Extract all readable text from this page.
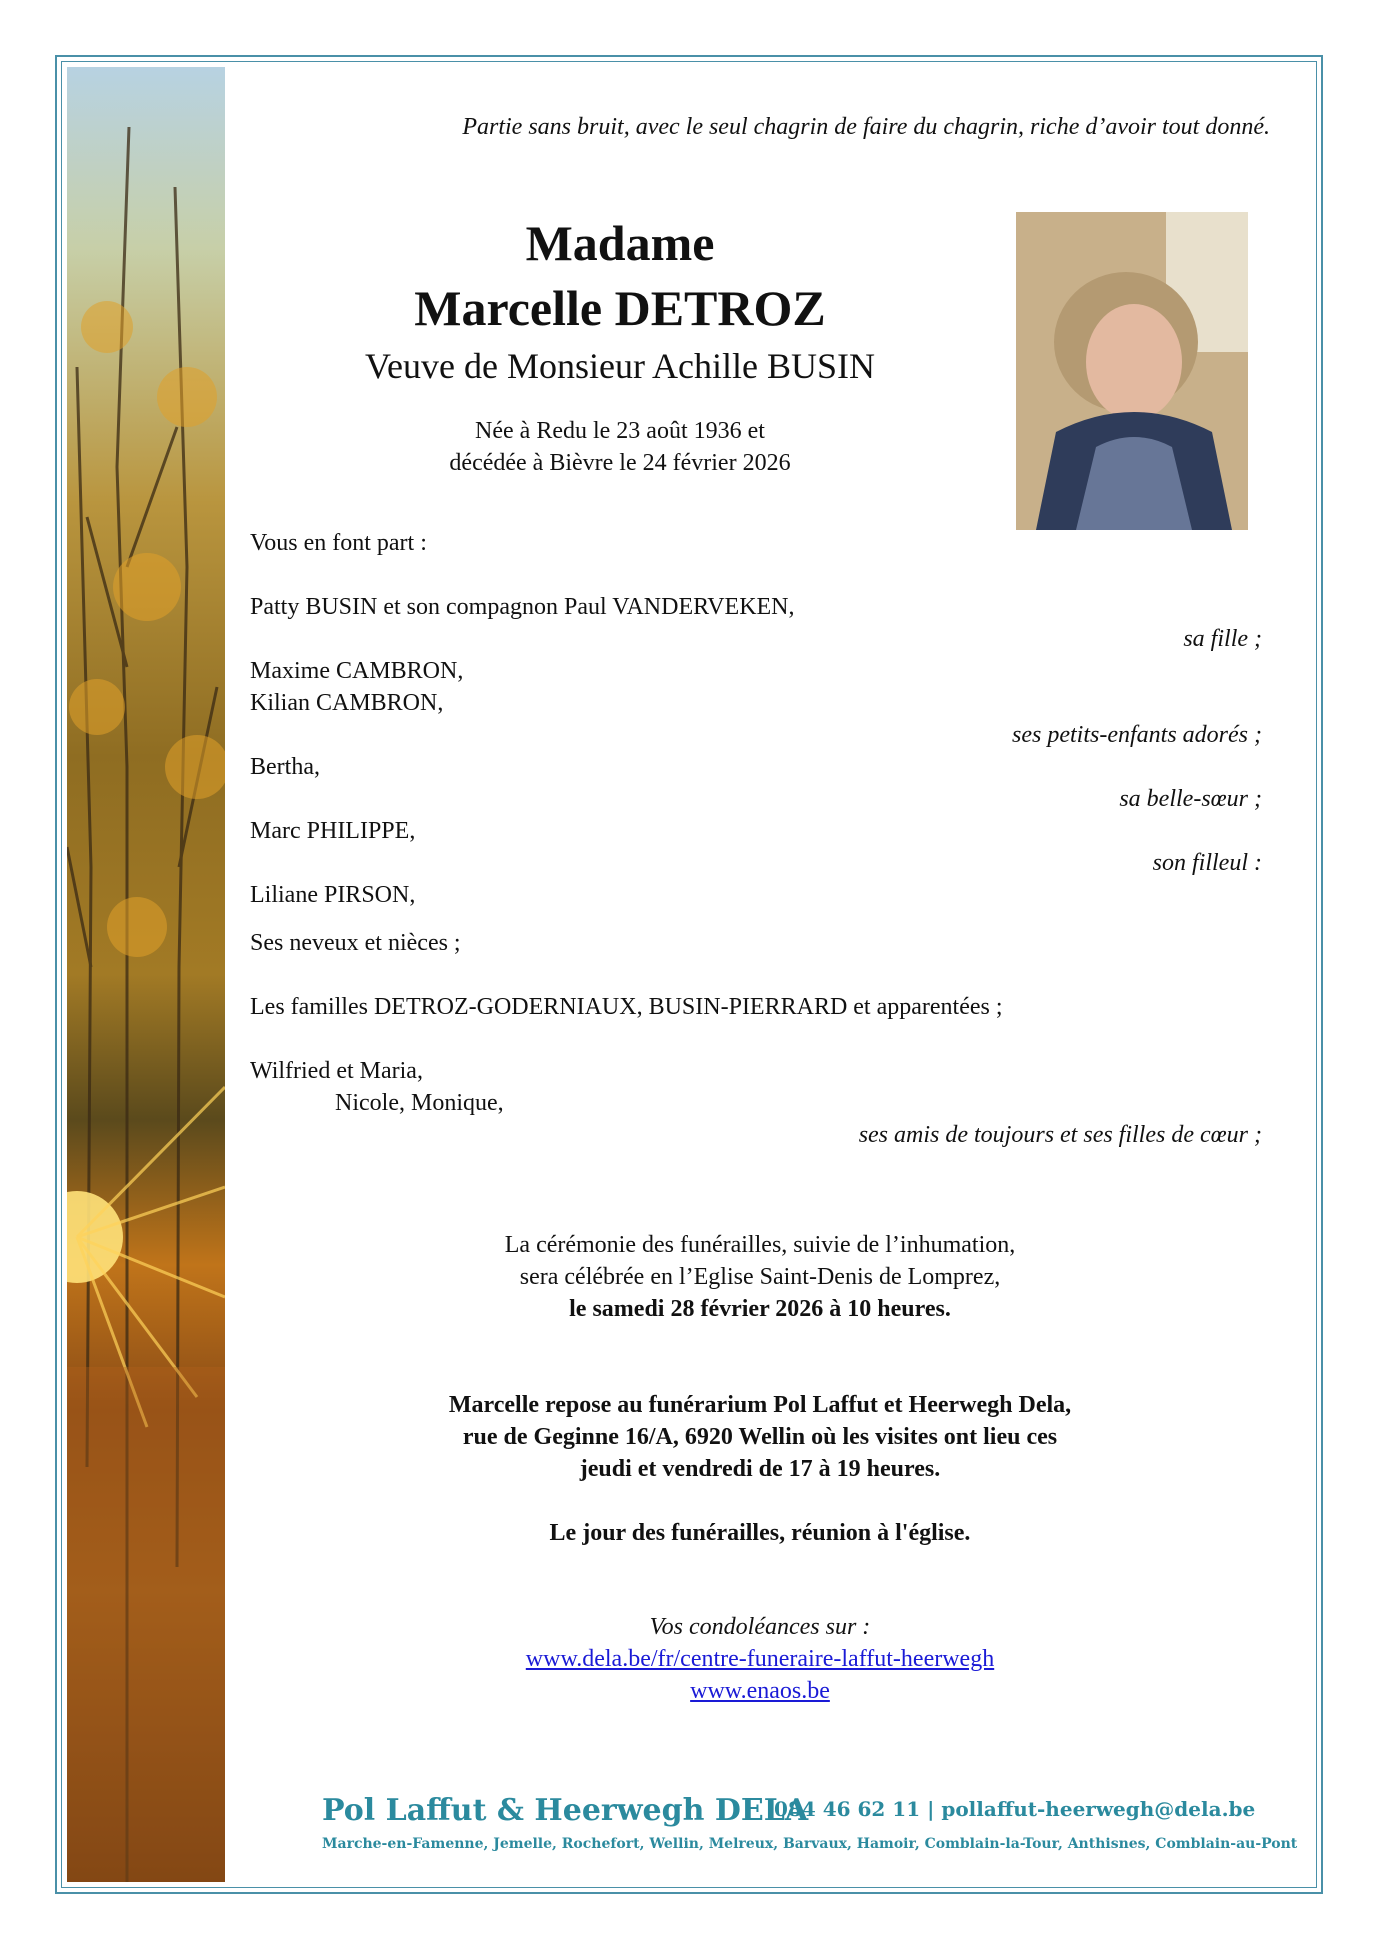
Partie sans bruit, avec le seul chagrin de faire du chagrin, riche d’avoir tout donné.
Madame
Marcelle DETROZ
Veuve de Monsieur Achille BUSIN
Née à Redu le 23 août 1936 et
décédée à Bièvre le 24 février 2026
Vous en font part :
Patty BUSIN et son compagnon Paul VANDERVEKEN,
sa fille ;
Maxime CAMBRON,
Kilian CAMBRON,
ses petits-enfants adorés ;
Bertha,
sa belle-sœur ;
Marc PHILIPPE,
son filleul :
Liliane PIRSON,
Ses neveux et nièces ;
Les familles DETROZ-GODERNIAUX, BUSIN-PIERRARD et apparentées ;
Wilfried et Maria,
Nicole, Monique,
ses amis de toujours et ses filles de cœur ;
La cérémonie des funérailles, suivie de l’inhumation,
sera célébrée en l’Eglise Saint-Denis de Lomprez,
le samedi 28 février 2026 à 10 heures.
Marcelle repose au funérarium Pol Laffut et Heerwegh Dela,
rue de Geginne 16/A, 6920 Wellin où les visites ont lieu ces
jeudi et vendredi de 17 à 19 heures.
Le jour des funérailles, réunion à l'église.
Vos condoléances sur :
www.dela.be/fr/centre-funeraire-laffut-heerwegh
www.enaos.be
Pol Laffut & Heerwegh DELA
084 46 62 11 | pollaffut-heerwegh@dela.be
Marche-en-Famenne, Jemelle, Rochefort, Wellin, Melreux, Barvaux, Hamoir, Comblain-la-Tour, Anthisnes, Comblain-au-Pont
